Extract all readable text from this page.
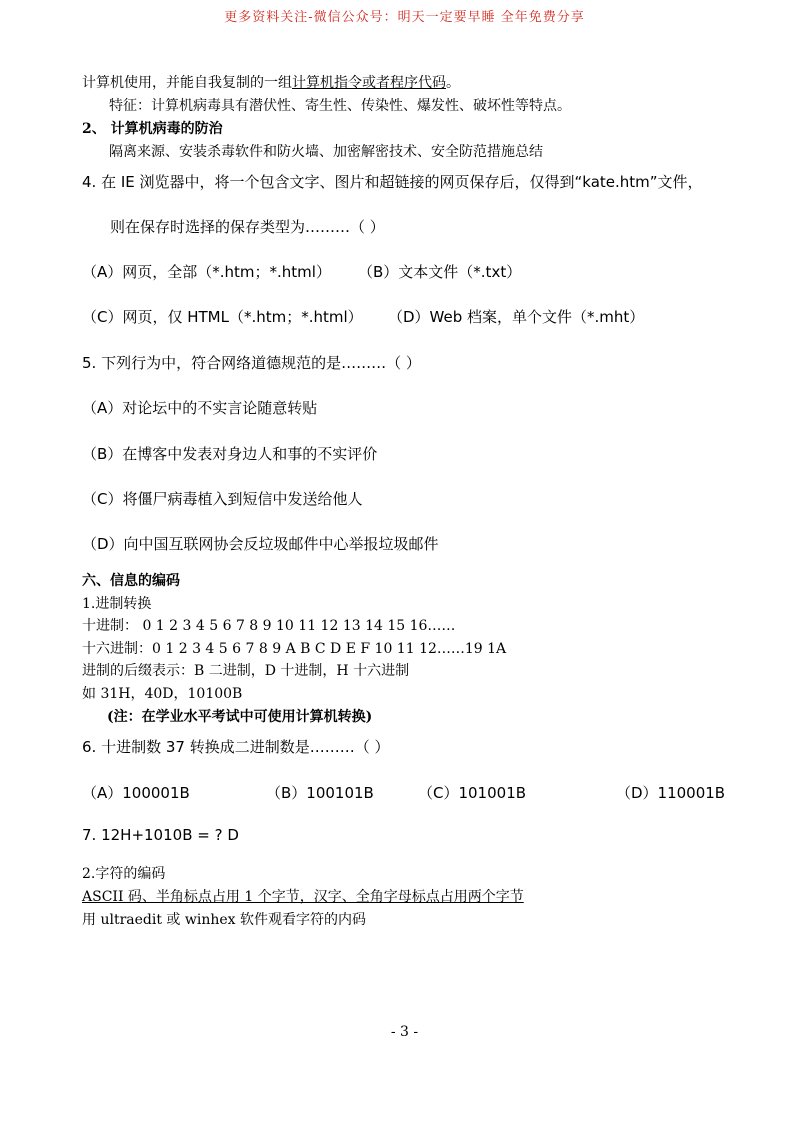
更多资料关注-微信公众号：明天一定要早睡 全年免费分享
计算机使用，并能自我复制的一组计算机指令或者程序代码。
特征：计算机病毒具有潜伏性、寄生性、传染性、爆发性、破坏性等特点。
2、 计算机病毒的防治
隔离来源、安装杀毒软件和防火墙、加密解密技术、安全防范措施总结
4. 在 IE 浏览器中，将一个包含文字、图片和超链接的网页保存后，仅得到“kate.htm”文件，
则在保存时选择的保存类型为………（ ）
（A）网页，全部（*.htm；*.html） （B）文本文件（*.txt）
（C）网页，仅 HTML（*.htm；*.html） （D）Web 档案，单个文件（*.mht）
5. 下列行为中，符合网络道德规范的是………（ ）
（A）对论坛中的不实言论随意转贴
（B）在博客中发表对身边人和事的不实评价
（C）将僵尸病毒植入到短信中发送给他人
（D）向中国互联网协会反垃圾邮件中心举报垃圾邮件
六、信息的编码
1.进制转换
十进制： 0 1 2 3 4 5 6 7 8 9 10 11 12 13 14 15 16……
十六进制：0 1 2 3 4 5 6 7 8 9 A B C D E F 10 11 12……19 1A
进制的后缀表示：B 二进制，D 十进制，H 十六进制
如 31H，40D，10100B
(注：在学业水平考试中可使用计算机转换)
6. 十进制数 37 转换成二进制数是………（ ）
（A）100001B	（B）100101B	（C）101001B	（D）110001B
7. 12H+1010B = ? D
2.字符的编码
ASCII 码、半角标点占用 1 个字节，汉字、全角字母标点占用两个字节
用 ultraedit 或 winhex 软件观看字符的内码
- 3 -
